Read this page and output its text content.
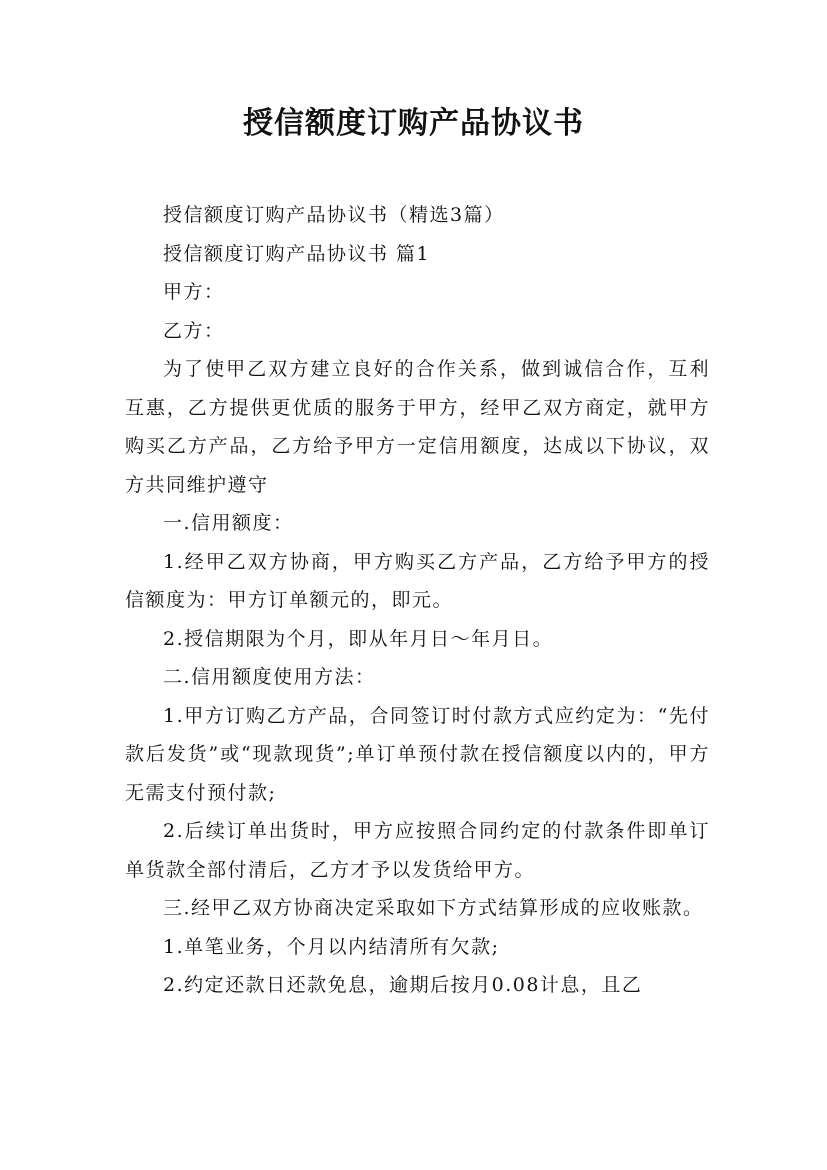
授信额度订购产品协议书

授信额度订购产品协议书（精选3篇）

授信额度订购产品协议书 篇1

甲方：

乙方：

为了使甲乙双方建立良好的合作关系，做到诚信合作，互利互惠，乙方提供更优质的服务于甲方，经甲乙双方商定，就甲方购买乙方产品，乙方给予甲方一定信用额度，达成以下协议，双方共同维护遵守

一.信用额度：

1.经甲乙双方协商，甲方购买乙方产品，乙方给予甲方的授信额度为：甲方订单额元的，即元。

2.授信期限为个月，即从年月日～年月日。

二.信用额度使用方法：

1.甲方订购乙方产品，合同签订时付款方式应约定为：“先付款后发货”或“现款现货”;单订单预付款在授信额度以内的，甲方无需支付预付款;

2.后续订单出货时，甲方应按照合同约定的付款条件即单订单货款全部付清后，乙方才予以发货给甲方。

三.经甲乙双方协商决定采取如下方式结算形成的应收账款。

1.单笔业务，个月以内结清所有欠款;

2.约定还款日还款免息，逾期后按月0.08计息，且乙
